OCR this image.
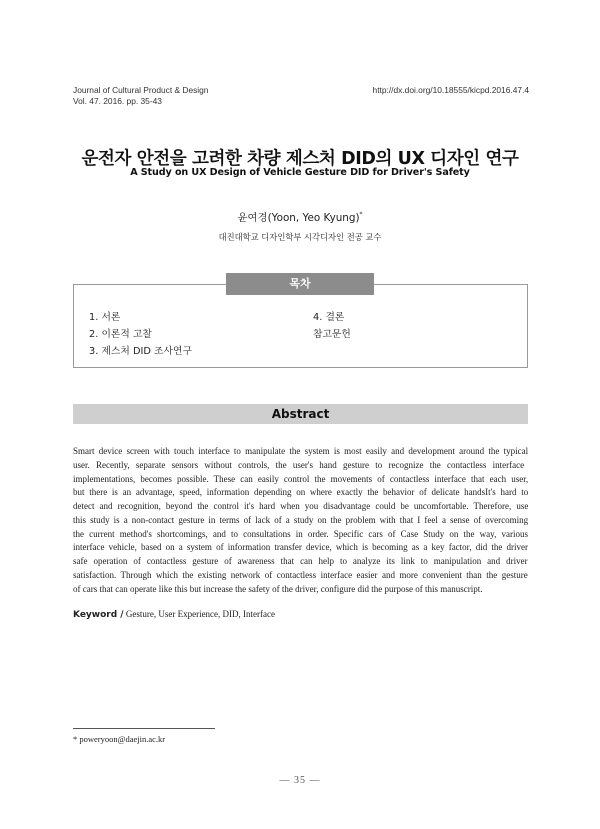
Journal of Cultural Product & Design
Vol. 47. 2016. pp. 35-43
http://dx.doi.org/10.18555/kicpd.2016.47.4
운전자 안전을 고려한 차량 제스처 DID의 UX 디자인 연구
A Study on UX Design of Vehicle Gesture DID for Driver's Safety
윤여경(Yoon, Yeo Kyung)*
대진대학교 디자인학부 시각디자인 전공 교수
목차
1. 서론
2. 이론적 고찰
3. 제스처 DID 조사연구
4. 결론
참고문헌
Abstract
Smart device screen with touch interface to manipulate the system is most easily and development around the typical
user. Recently, separate sensors without controls, the user's hand gesture to recognize the contactless interface
implementations, becomes possible. These can easily control the movements of contactless interface that each user,
but there is an advantage, speed, information depending on where exactly the behavior of delicate handsIt's hard to
detect and recognition, beyond the control it's hard when you disadvantage could be uncomfortable. Therefore, use
this study is a non-contact gesture in terms of lack of a study on the problem with that I feel a sense of overcoming
the current method's shortcomings, and to consultations in order. Specific cars of Case Study on the way, various
interface vehicle, based on a system of information transfer device, which is becoming as a key factor, did the driver
safe operation of contactless gesture of awareness that can help to analyze its link to manipulation and driver
satisfaction. Through which the existing network of contactless interface easier and more convenient than the gesture
of cars that can operate like this but increase the safety of the driver, configure did the purpose of this manuscript.
Keyword / Gesture, User Experience, DID, Interface
* poweryoon@daejin.ac.kr
— 35 —
